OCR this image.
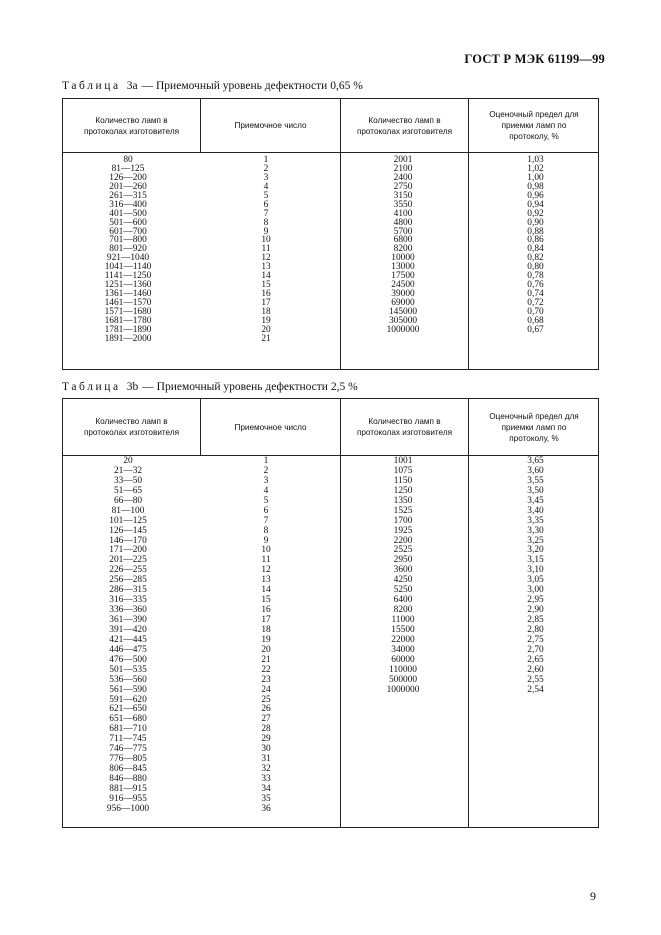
ГОСТ Р МЭК 61199—99
Таблица 3а — Приемочный уровень дефектности 0,65 %
Количество ламп в
протоколах изготовителя
Приемочное число
Количество ламп в
протоколах изготовителя
Оценочный предел для
приемки ламп по
протоколу, %
80
81—125
126—200
201—260
261—315
316—400
401—500
501—600
601—700
701—800
801—920
921—1040
1041—1140
1141—1250
1251—1360
1361—1460
1461—1570
1571—1680
1681—1780
1781—1890
1891—2000
1
2
3
4
5
6
7
8
9
10
11
12
13
14
15
16
17
18
19
20
21
2001
2100
2400
2750
3150
3550
4100
4800
5700
6800
8200
10000
13000
17500
24500
39000
69000
145000
305000
1000000
1,03
1,02
1,00
0,98
0,96
0,94
0,92
0,90
0,88
0,86
0,84
0,82
0,80
0,78
0,76
0,74
0,72
0,70
0,68
0,67
Таблица 3b — Приемочный уровень дефектности 2,5 %
Количество ламп в
протоколах изготовителя
Приемочное число
Количество ламп в
протоколах изготовителя
Оценочный предел для
приемки ламп по
протоколу, %
20
21—32
33—50
51—65
66—80
81—100
101—125
126—145
146—170
171—200
201—225
226—255
256—285
286—315
316—335
336—360
361—390
391—420
421—445
446—475
476—500
501—535
536—560
561—590
591—620
621—650
651—680
681—710
711—745
746—775
776—805
806—845
846—880
881—915
916—955
956—1000
1
2
3
4
5
6
7
8
9
10
11
12
13
14
15
16
17
18
19
20
21
22
23
24
25
26
27
28
29
30
31
32
33
34
35
36
1001
1075
1150
1250
1350
1525
1700
1925
2200
2525
2950
3600
4250
5250
6400
8200
11000
15500
22000
34000
60000
110000
500000
1000000
3,65
3,60
3,55
3,50
3,45
3,40
3,35
3,30
3,25
3,20
3,15
3,10
3,05
3,00
2,95
2,90
2,85
2,80
2,75
2,70
2,65
2,60
2,55
2,54
9
